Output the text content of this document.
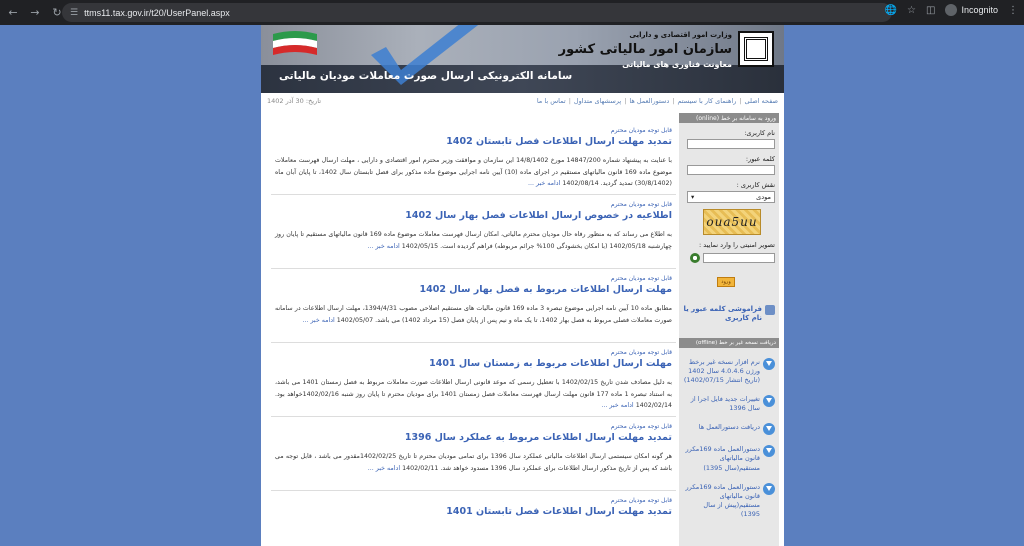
←	→	↻ ☰ ttms11.tax.gov.ir/t20/UserPanel.aspx	🌐 ☆ ◫	Incognito ⋮
وزارت امور اقتصادی و دارایی
سازمان امور مالیاتی کشور
معاونت فناوری های مالیاتی
سامانه الکترونیکی ارسال صورت معاملات مودیان مالیاتی
صفحه اصلی
|
راهنمای کار با سیستم
|
دستورالعمل ها
|
پرسشهای متداول
|
تماس با ما
تاریخ: 30 آذر 1402
ورود به سامانه بر خط (online)
نام کاربری:
کلمه عبور:
نقش کاربری :
مودی
▾
oua5uu
تصویر امنیتی را وارد نمایید :
ورود
فراموشی کلمه عبور یا نام کاربری
دریافت نسخه غیر بر خط (offline)
نرم افزار نسخه غیر برخط ورژن 4.0.4.6 سال 1402 (تاریخ انتشار 1402/07/15)
تغییرات جدید فایل اجرا از سال 1396
دریافت دستورالعمل ها
دستورالعمل ماده 169مکرر قانون مالیاتهای مستقیم(سال 1395)
دستورالعمل ماده 169مکرر قانون مالیاتهای مستقیم(پیش از سال 1395)
قابل توجه مودیان محترم
تمدید مهلت ارسال اطلاعات فصل تابستان 1402
با عنایت به پیشنهاد شماره 14847/200 مورخ 14/8/1402 این سازمان و موافقت وزیر محترم امور اقتصادی و دارایی ، مهلت ارسال فهرست معاملات موضوع ماده 169 قانون مالیاتهای مستقیم در اجرای ماده (10) آیین نامه اجرایی موضوع ماده مذکور برای فصل تابستان سال 1402، تا پایان آبان ماه (30/8/1402) تمدید گردید. 1402/08/14 ادامه خبر ...
قابل توجه مودیان محترم
اطلاعیه در خصوص ارسال اطلاعات فصل بهار سال 1402
به اطلاع می رساند که به منظور رفاه حال مودیان محترم مالیاتی، امکان ارسال فهرست معاملات موضوع ماده 169 قانون مالیاتهای مستقیم تا پایان روز چهارشنبه 1402/05/18 (با امکان بخشودگی 100% جرائم مربوطه) فراهم گردیده است. 1402/05/15 ادامه خبر ...
قابل توجه مودیان محترم
مهلت ارسال اطلاعات مربوط به فصل بهار سال 1402
مطابق ماده 10 آیین نامه اجرایی موضوع تبصره 3 ماده 169 قانون مالیات های مستقیم اصلاحی مصوب 1394/4/31، مهلت ارسال اطلاعات در سامانه صورت معاملات فصلی مربوط به فصل بهار 1402، تا یک ماه و نیم پس از پایان فصل (15 مرداد 1402) می باشد. 1402/05/07 ادامه خبر ...
قابل توجه مودیان محترم
مهلت ارسال اطلاعات مربوط به زمستان سال 1401
به دلیل مصادف شدن تاریخ 1402/02/15 با تعطیل رسمی که موعد قانونی ارسال اطلاعات صورت معاملات مربوط به فصل زمستان 1401 می باشد، به استناد تبصره 1 ماده 177 قانون مهلت ارسال فهرست معاملات فصل زمستان 1401 برای مودیان محترم تا پایان روز شنبه 1402/02/16خواهد بود. 1402/02/14 ادامه خبر ...
قابل توجه مودیان محترم
تمدید مهلت ارسال اطلاعات مربوط به عملکرد سال 1396
هر گونه امکان سیستمی ارسال اطلاعات مالیاتی عملکرد سال 1396 برای تمامی مودیان محترم تا تاریخ 1402/02/25مقدور می باشد ، قابل توجه می باشد که پس از تاریخ مذکور ارسال اطلاعات برای عملکرد سال 1396 مسدود خواهد شد. 1402/02/11 ادامه خبر ...
قابل توجه مودیان محترم
تمدید مهلت ارسال اطلاعات فصل تابستان 1401
